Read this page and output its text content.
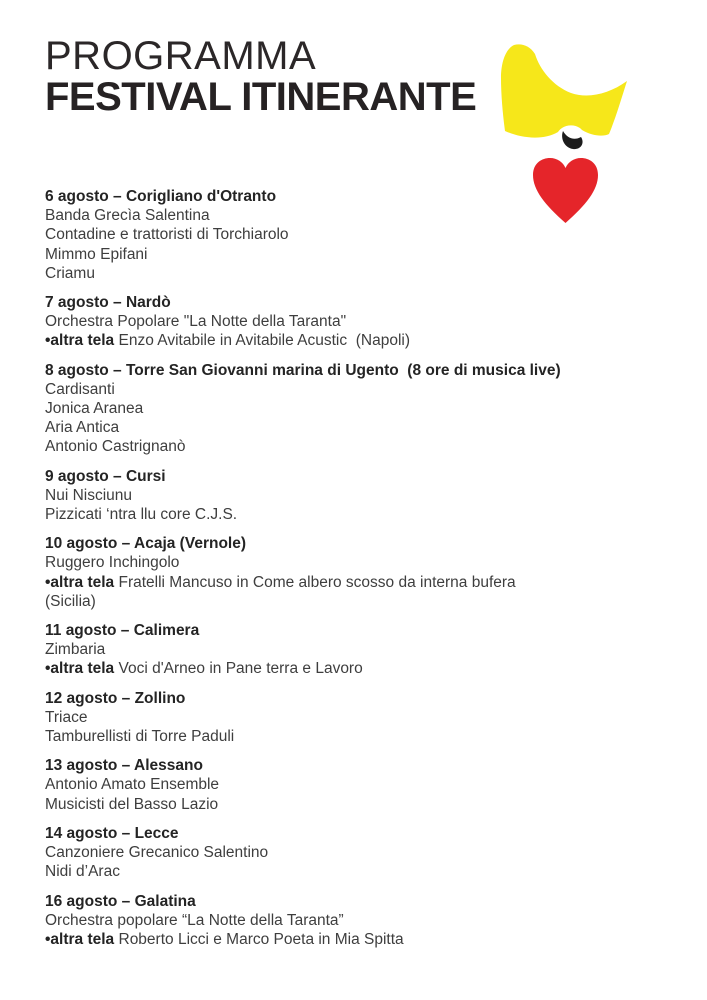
PROGRAMMA
FESTIVAL ITINERANTE
6 agosto – Corigliano d'Otranto

Banda Grecìa Salentina

Contadine e trattoristi di Torchiarolo

Mimmo Epifani

Criamu

7 agosto – Nardò

Orchestra Popolare "La Notte della Taranta"

•altra tela Enzo Avitabile in Avitabile Acustic  (Napoli)

8 agosto – Torre San Giovanni marina di Ugento  (8 ore di musica live)

Cardisanti

Jonica Aranea

Aria Antica

Antonio Castrignanò

9 agosto – Cursi

Nui Nisciunu

Pizzicati ‘ntra llu core C.J.S.

10 agosto – Acaja (Vernole)

Ruggero Inchingolo

•altra tela Fratelli Mancuso in Come albero scosso da interna bufera

(Sicilia)

11 agosto – Calimera

Zimbaria

•altra tela Voci d'Arneo in Pane terra e Lavoro

12 agosto – Zollino

Triace

Tamburellisti di Torre Paduli

13 agosto – Alessano

Antonio Amato Ensemble

Musicisti del Basso Lazio

14 agosto – Lecce

Canzoniere Grecanico Salentino

Nidi d’Arac

16 agosto – Galatina

Orchestra popolare “La Notte della Taranta”

•altra tela Roberto Licci e Marco Poeta in Mia Spitta
